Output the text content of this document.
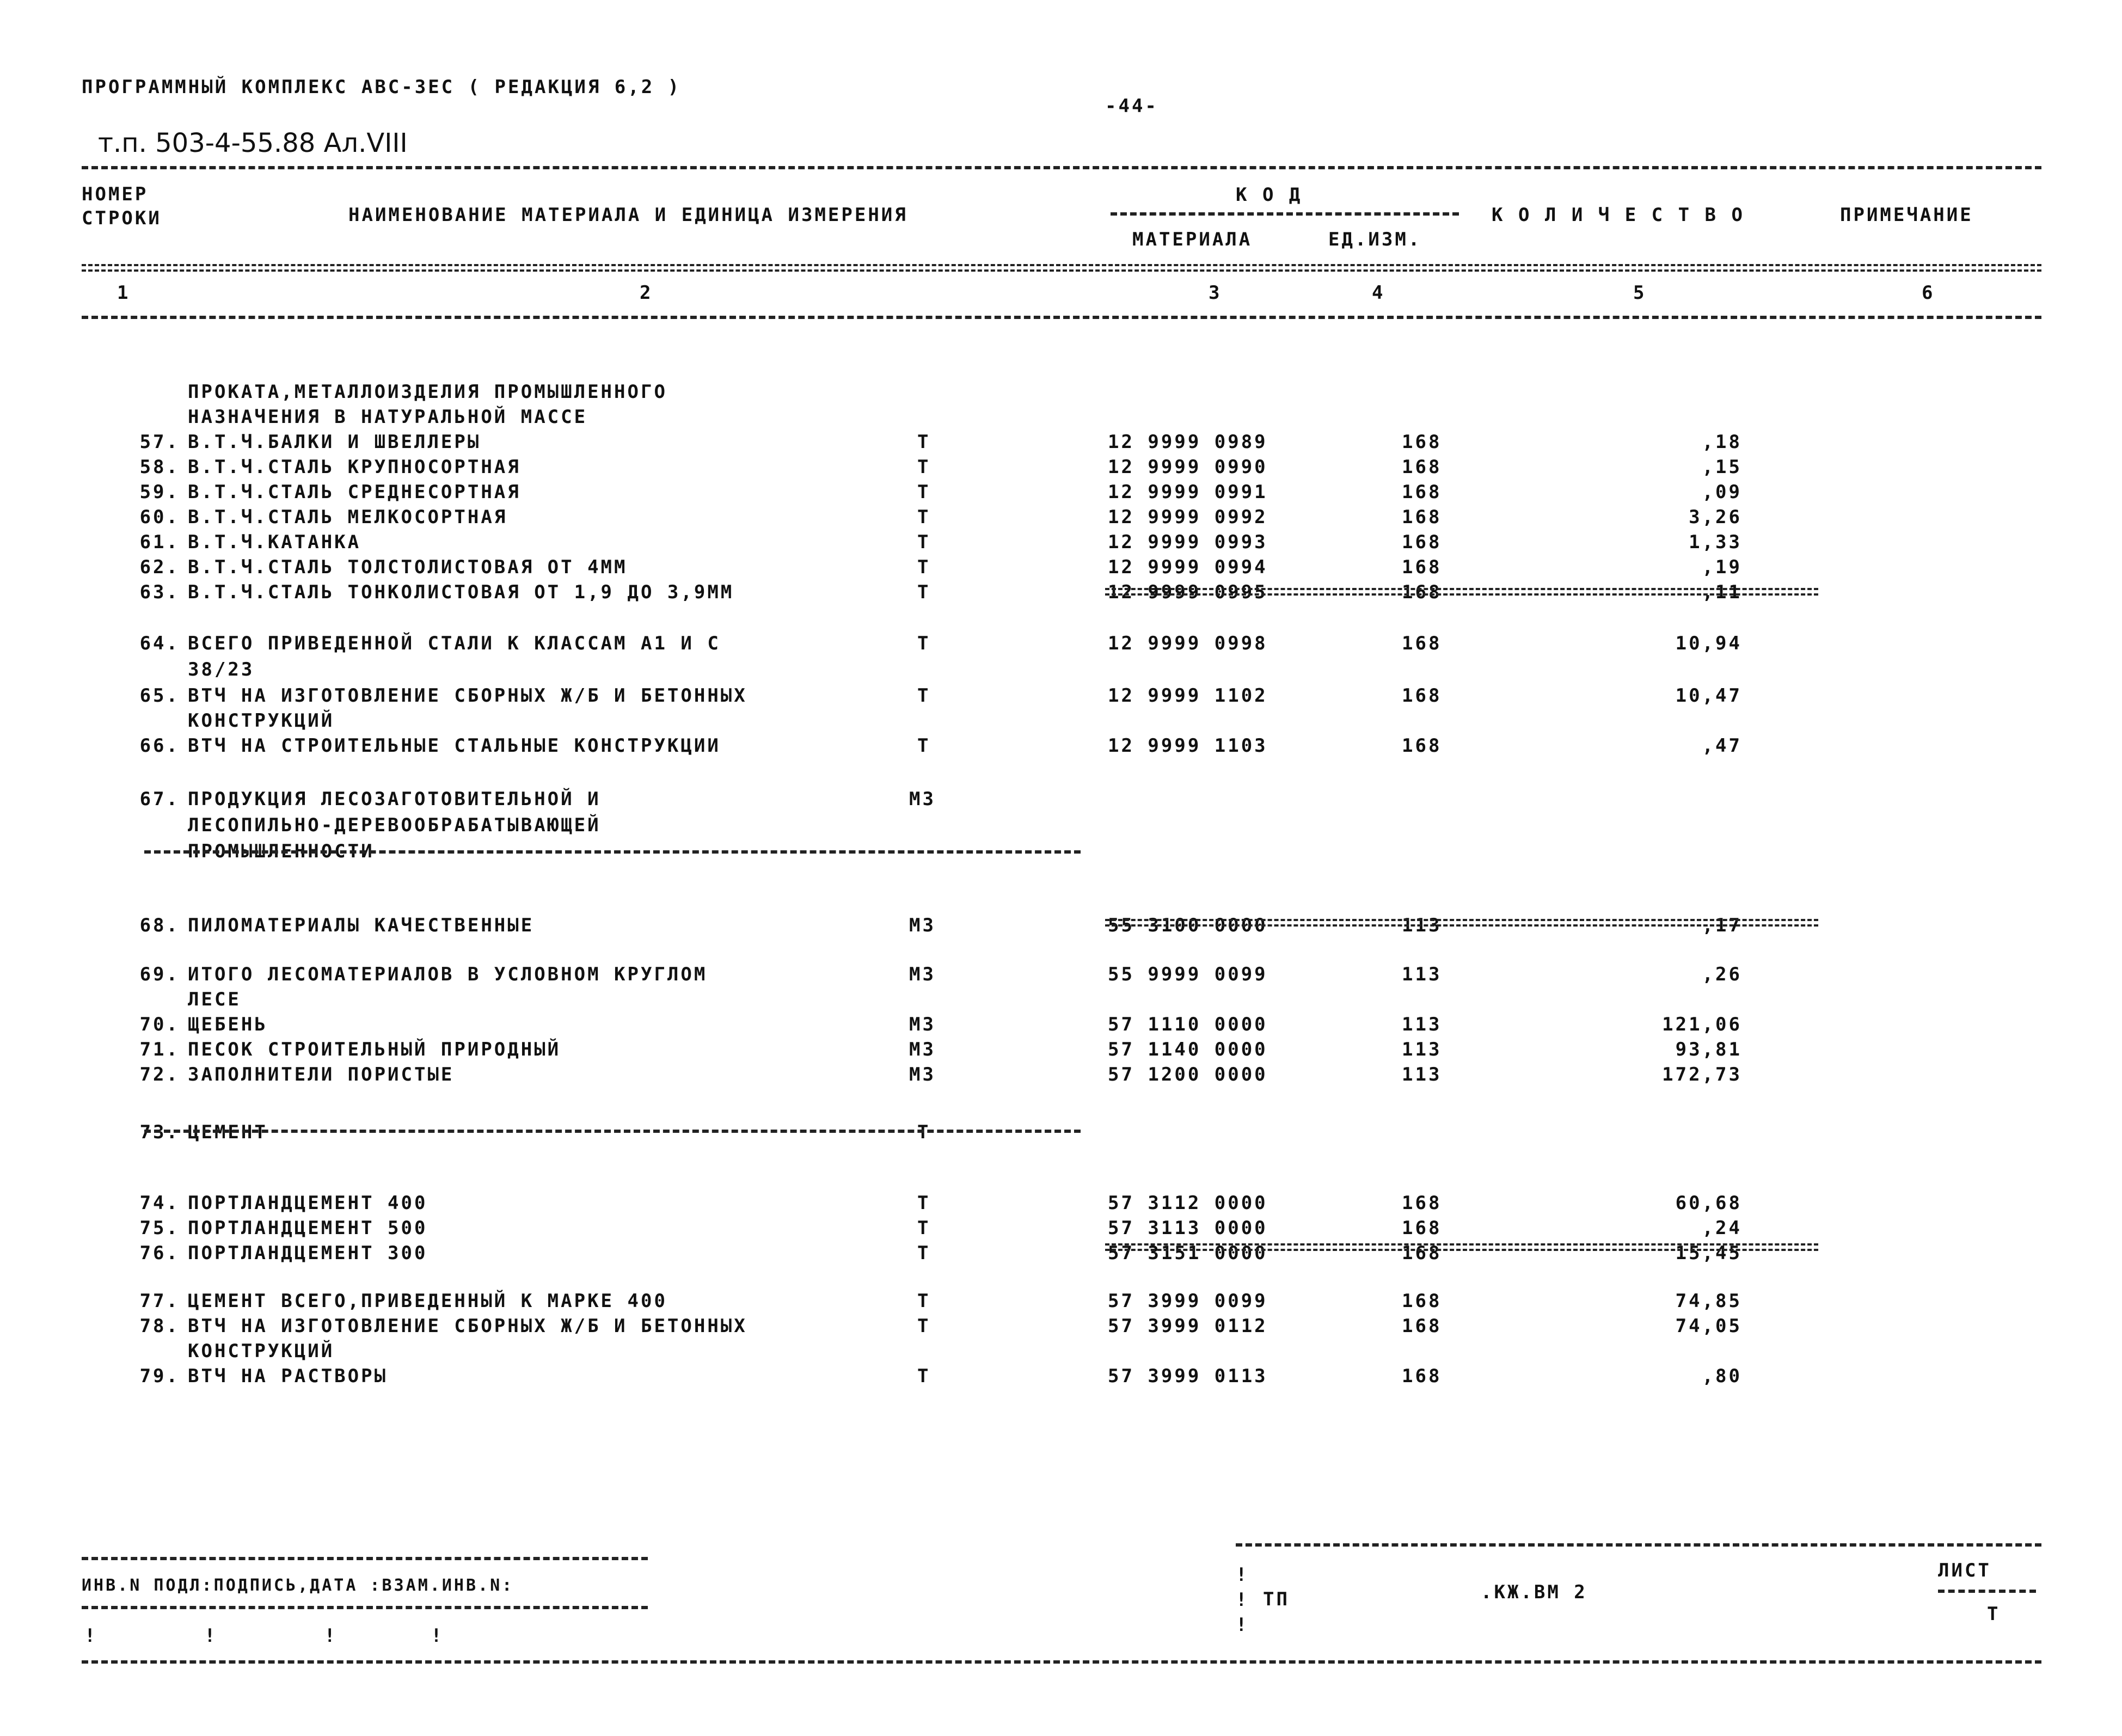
ПРОГРАММНЫЙ КОМПЛЕКС АВС-3ЕС ( РЕДАКЦИЯ 6,2 )
-44-
т.п. 503-4-55.88 Ал.VIII
НОМЕР СТРОКИ	НАИМЕНОВАНИЕ МАТЕРИАЛА И ЕДИНИЦА ИЗМЕРЕНИЯ
К О Д
МАТЕРИАЛА	ЕД.ИЗМ.
К О Л И Ч Е С Т В О	ПРИМЕЧАНИЕ
1	2	3	4	5	6

ПРОКАТА,МЕТАЛЛОИЗДЕЛИЯ ПРОМЫШЛЕННОГО

НАЗНАЧЕНИЯ В НАТУРАЛЬНОЙ МАССЕ

57. В.Т.Ч.БАЛКИ И ШВЕЛЛЕРЫ	Т	12 9999 0989	168	,18

58. В.Т.Ч.СТАЛЬ КРУПНОСОРТНАЯ	Т	12 9999 0990	168	,15

59. В.Т.Ч.СТАЛЬ СРЕДНЕСОРТНАЯ	Т	12 9999 0991	168	,09

60. В.Т.Ч.СТАЛЬ МЕЛКОСОРТНАЯ	Т	12 9999 0992	168	3,26

61. В.Т.Ч.КАТАНКА	Т	12 9999 0993	168	1,33

62. В.Т.Ч.СТАЛЬ ТОЛСТОЛИСТОВАЯ ОТ 4ММ	Т	12 9999 0994	168	,19

63. В.Т.Ч.СТАЛЬ ТОНКОЛИСТОВАЯ ОТ 1,9 ДО 3,9ММ	Т	12 9999 0995	168	,11

64. ВСЕГО ПРИВЕДЕННОЙ СТАЛИ К КЛАССАМ А1 И С	Т	12 9999 0998	168	10,94

38/23

65. ВТЧ НА ИЗГОТОВЛЕНИЕ СБОРНЫХ Ж/Б И БЕТОННЫХ	Т	12 9999 1102	168	10,47

КОНСТРУКЦИЙ

66. ВТЧ НА СТРОИТЕЛЬНЫЕ СТАЛЬНЫЕ КОНСТРУКЦИИ	Т	12 9999 1103	168	,47

67. ПРОДУКЦИЯ ЛЕСОЗАГОТОВИТЕЛЬНОЙ И	М3

ЛЕСОПИЛЬНО-ДЕРЕВООБРАБАТЫВАЮЩЕЙ

ПРОМЫШЛЕННОСТИ

68. ПИЛОМАТЕРИАЛЫ КАЧЕСТВЕННЫЕ	М3	55 3100 0000	113	,17

69. ИТОГО ЛЕСОМАТЕРИАЛОВ В УСЛОВНОМ КРУГЛОМ	М3	55 9999 0099	113	,26

ЛЕСЕ

70. ЩЕБЕНЬ	М3	57 1110 0000	113	121,06

71. ПЕСОК СТРОИТЕЛЬНЫЙ ПРИРОДНЫЙ	М3	57 1140 0000	113	93,81

72. ЗАПОЛНИТЕЛИ ПОРИСТЫЕ	М3	57 1200 0000	113	172,73

73. ЦЕМЕНТ	Т

74. ПОРТЛАНДЦЕМЕНТ 400	Т	57 3112 0000	168	60,68

75. ПОРТЛАНДЦЕМЕНТ 500	Т	57 3113 0000	168	,24

76. ПОРТЛАНДЦЕМЕНТ 300	Т	57 3151 0000	168	15,45

77. ЦЕМЕНТ ВСЕГО,ПРИВЕДЕННЫЙ К МАРКЕ 400	Т	57 3999 0099	168	74,85

78. ВТЧ НА ИЗГОТОВЛЕНИЕ СБОРНЫХ Ж/Б И БЕТОННЫХ	Т	57 3999 0112	168	74,05

КОНСТРУКЦИЙ

79. ВТЧ НА РАСТВОРЫ	Т	57 3999 0113	168	,80

ИНВ.N ПОДЛ:ПОДПИСЬ,ДАТА :ВЗАМ.ИНВ.N:
!        !        !       !
!
!
!
ТП	.КЖ.ВМ 2
ЛИСТ
Т
